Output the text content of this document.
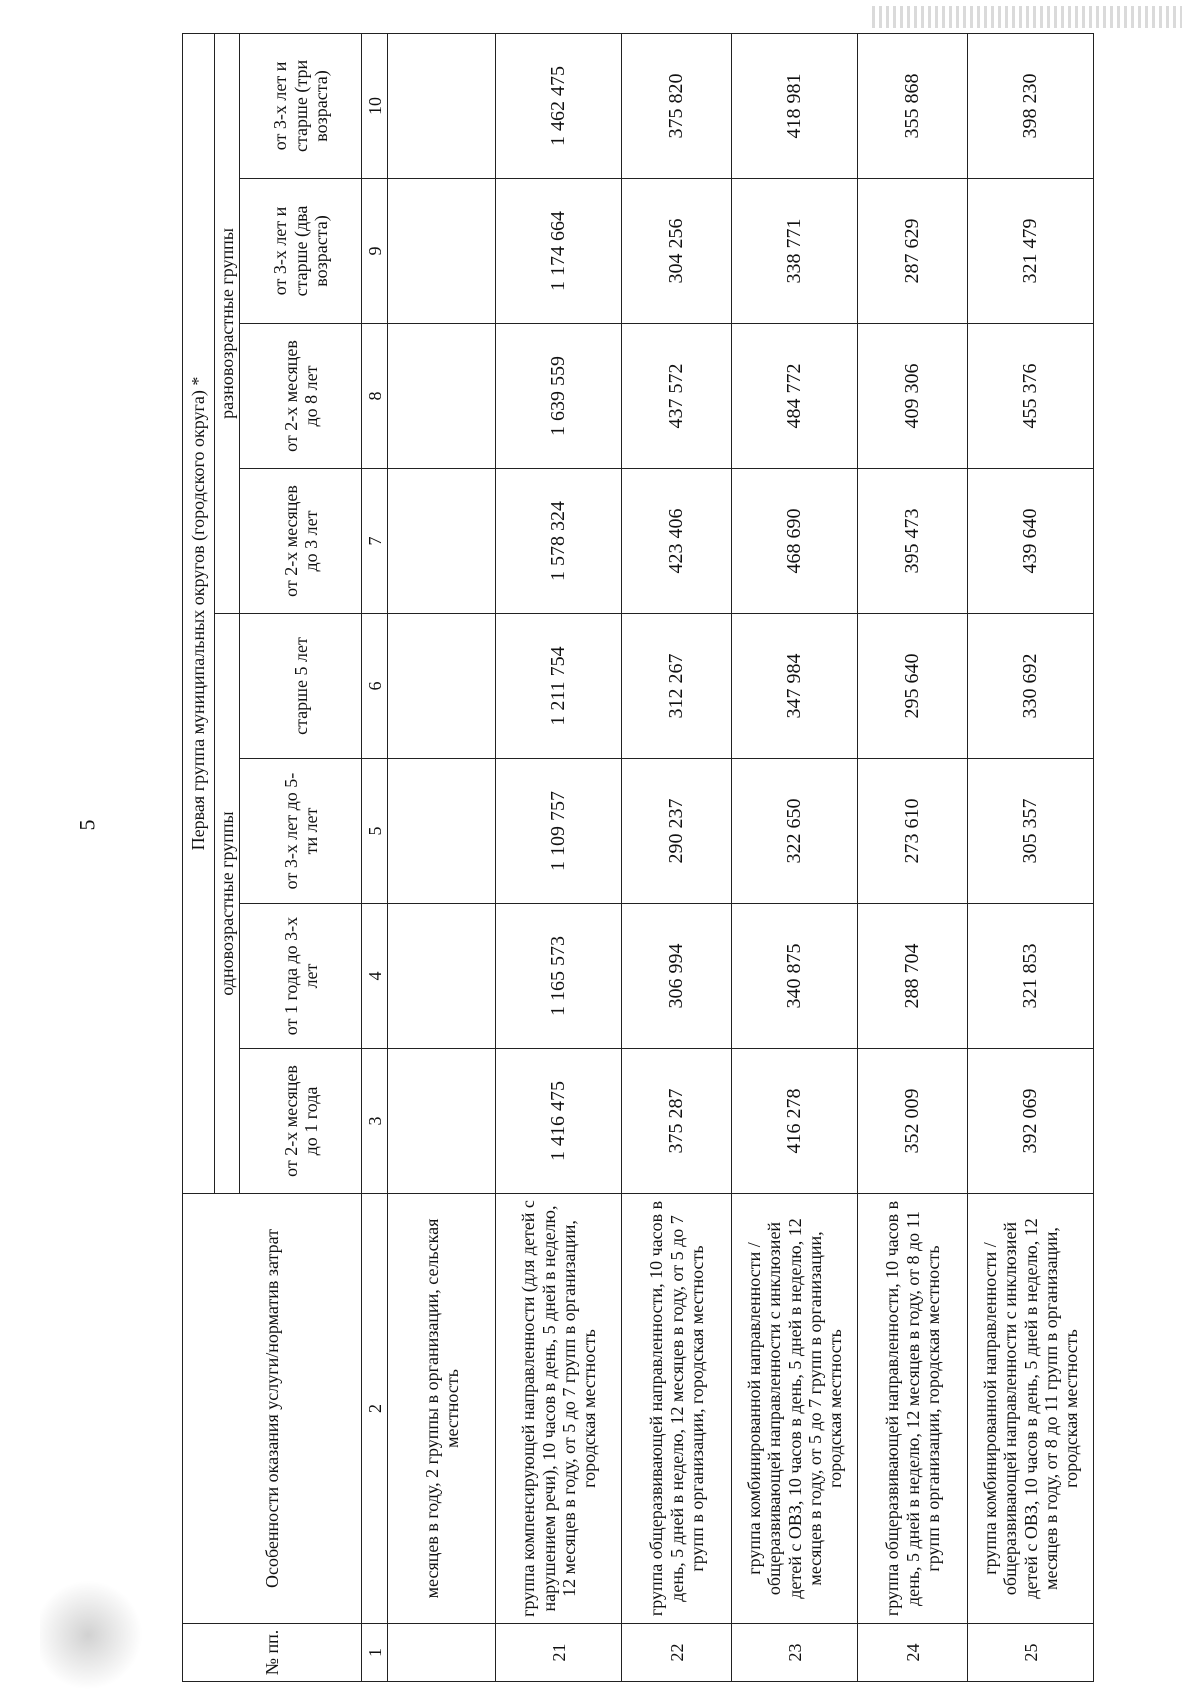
5
№ пп.	Особенности оказания услуги/норматив затрат	Первая группа муниципальных округов (городского округа) *							
		одновозрастные группы				разновозрастные группы			
		от 2-х месяцев до 1 года	от 1 года до 3-х лет	от 3-х лет до 5-ти лет	старше 5 лет	от 2-х месяцев до 3 лет	от 2-х месяцев до 8 лет	от 3-х лет и старше (два возраста)	от 3-х лет и старше (три возраста)
1	2	3	4	5	6	7	8	9	10
	месяцев в году, 2 группы в организации, сельская местность								
21	группа компенсирующей направленности (для детей с нарушением речи), 10 часов в день, 5 дней в неделю, 12 месяцев в году, от 5 до 7 групп в организации, городская местность	1 416 475	1 165 573	1 109 757	1 211 754	1 578 324	1 639 559	1 174 664	1 462 475
22	группа общеразвивающей направленности, 10 часов в день, 5 дней в неделю, 12 месяцев в году, от 5 до 7 групп в организации, городская местность	375 287	306 994	290 237	312 267	423 406	437 572	304 256	375 820
23	группа комбинированной направленности / общеразвивающей направленности с инклюзией детей с ОВЗ, 10 часов в день, 5 дней в неделю, 12 месяцев в году, от 5 до 7 групп в организации, городская местность	416 278	340 875	322 650	347 984	468 690	484 772	338 771	418 981
24	группа общеразвивающей направленности, 10 часов в день, 5 дней в неделю, 12 месяцев в году, от 8 до 11 групп в организации, городская местность	352 009	288 704	273 610	295 640	395 473	409 306	287 629	355 868
25	группа комбинированной направленности / общеразвивающей направленности с инклюзией детей с ОВЗ, 10 часов в день, 5 дней в неделю, 12 месяцев в году, от 8 до 11 групп в организации, городская местность	392 069	321 853	305 357	330 692	439 640	455 376	321 479	398 230
